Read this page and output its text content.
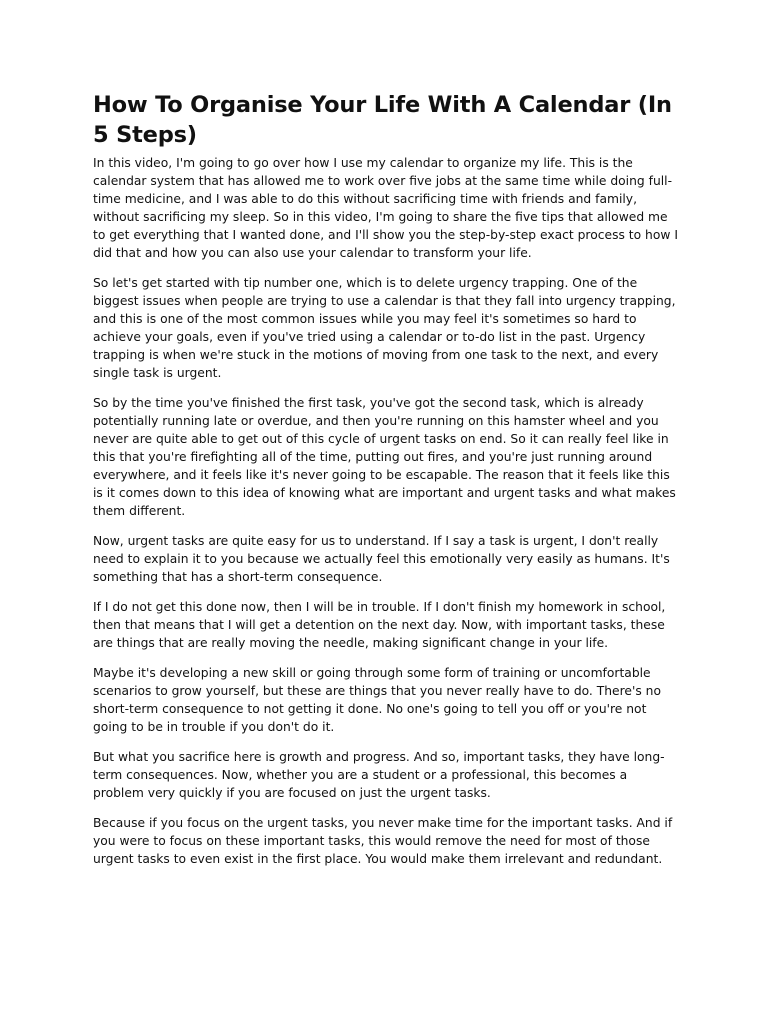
How To Organise Your Life With A Calendar (In 5 Steps)

In this video, I'm going to go over how I use my calendar to organize my life. This is the calendar system that has allowed me to work over five jobs at the same time while doing full-time medicine, and I was able to do this without sacrificing time with friends and family, without sacrificing my sleep. So in this video, I'm going to share the five tips that allowed me to get everything that I wanted done, and I'll show you the step-by-step exact process to how I did that and how you can also use your calendar to transform your life.

So let's get started with tip number one, which is to delete urgency trapping. One of the biggest issues when people are trying to use a calendar is that they fall into urgency trapping, and this is one of the most common issues while you may feel it's sometimes so hard to achieve your goals, even if you've tried using a calendar or to-do list in the past. Urgency trapping is when we're stuck in the motions of moving from one task to the next, and every single task is urgent.

So by the time you've finished the first task, you've got the second task, which is already potentially running late or overdue, and then you're running on this hamster wheel and you never are quite able to get out of this cycle of urgent tasks on end. So it can really feel like in this that you're firefighting all of the time, putting out fires, and you're just running around everywhere, and it feels like it's never going to be escapable. The reason that it feels like this is it comes down to this idea of knowing what are important and urgent tasks and what makes them different.

Now, urgent tasks are quite easy for us to understand. If I say a task is urgent, I don't really need to explain it to you because we actually feel this emotionally very easily as humans. It's something that has a short-term consequence.

If I do not get this done now, then I will be in trouble. If I don't finish my homework in school, then that means that I will get a detention on the next day. Now, with important tasks, these are things that are really moving the needle, making significant change in your life.

Maybe it's developing a new skill or going through some form of training or uncomfortable scenarios to grow yourself, but these are things that you never really have to do. There's no short-term consequence to not getting it done. No one's going to tell you off or you're not going to be in trouble if you don't do it.

But what you sacrifice here is growth and progress. And so, important tasks, they have long-term consequences. Now, whether you are a student or a professional, this becomes a problem very quickly if you are focused on just the urgent tasks.

Because if you focus on the urgent tasks, you never make time for the important tasks. And if you were to focus on these important tasks, this would remove the need for most of those urgent tasks to even exist in the first place. You would make them irrelevant and redundant.
